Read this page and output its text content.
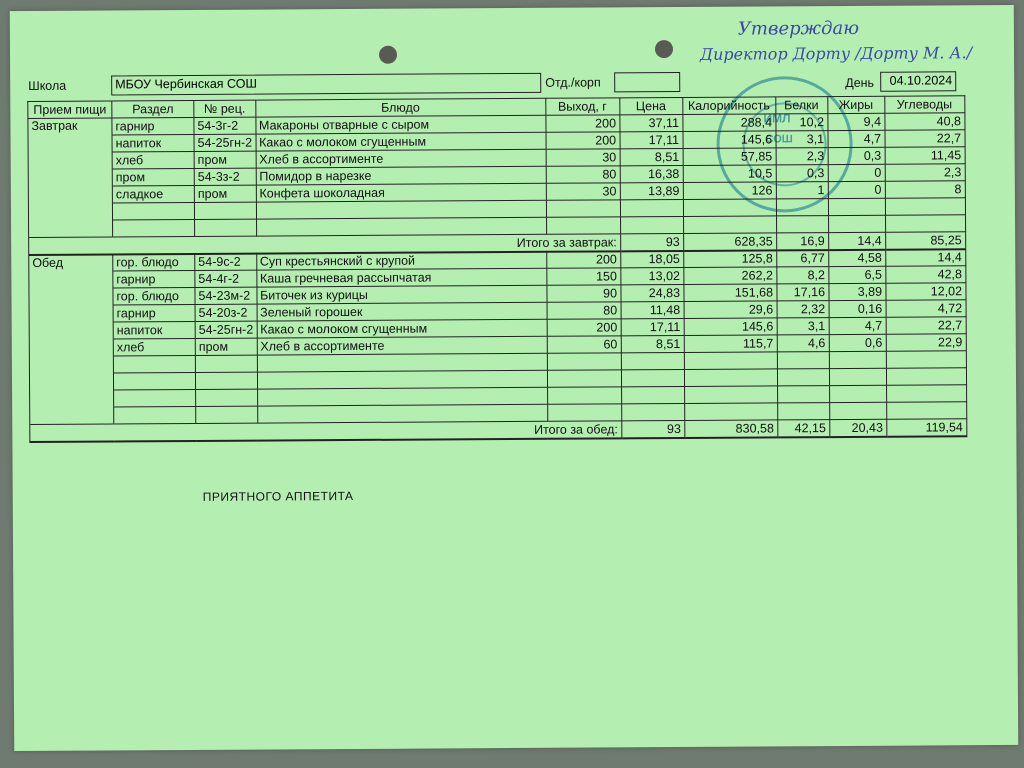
Утверждаю
Директор Дорту /Дорту М. А./
ИМЛ
СОШ
Школа	МБОУ Чербинская СОШ	Отд./корп	День	04.10.2024
Прием пищи	Раздел	№ рец.	Блюдо	Выход, г	Цена	Калорийность	Белки	Жиры	Углеводы
Завтрак	гарнир	54-3г-2	Макароны отварные с сыром	200	37,11	288,4	10,2	9,4	40,8
	напиток	54-25гн-2	Какао с молоком сгущенным	200	17,11	145,6	3,1	4,7	22,7
	хлеб	пром	Хлеб в ассортименте	30	8,51	57,85	2,3	0,3	11,45
	пром	54-3з-2	Помидор в нарезке	80	16,38	10,5	0,3	0	2,3
	сладкое	пром	Конфета шоколадная	30	13,89	126	1	0	8

Итого за завтрак:					93	628,35	16,9	14,4	85,25
Обед	гор. блюдо	54-9с-2	Суп крестьянский с крупой	200	18,05	125,8	6,77	4,58	14,4
	гарнир	54-4г-2	Каша гречневая рассыпчатая	150	13,02	262,2	8,2	6,5	42,8
	гор. блюдо	54-23м-2	Биточек из курицы	90	24,83	151,68	17,16	3,89	12,02
	гарнир	54-20з-2	Зеленый горошек	80	11,48	29,6	2,32	0,16	4,72
	напиток	54-25гн-2	Какао с молоком сгущенным	200	17,11	145,6	3,1	4,7	22,7
	хлеб	пром	Хлеб в ассортименте	60	8,51	115,7	4,6	0,6	22,9

Итого за обед:					93	830,58	42,15	20,43	119,54
ПРИЯТНОГО АППЕТИТА
